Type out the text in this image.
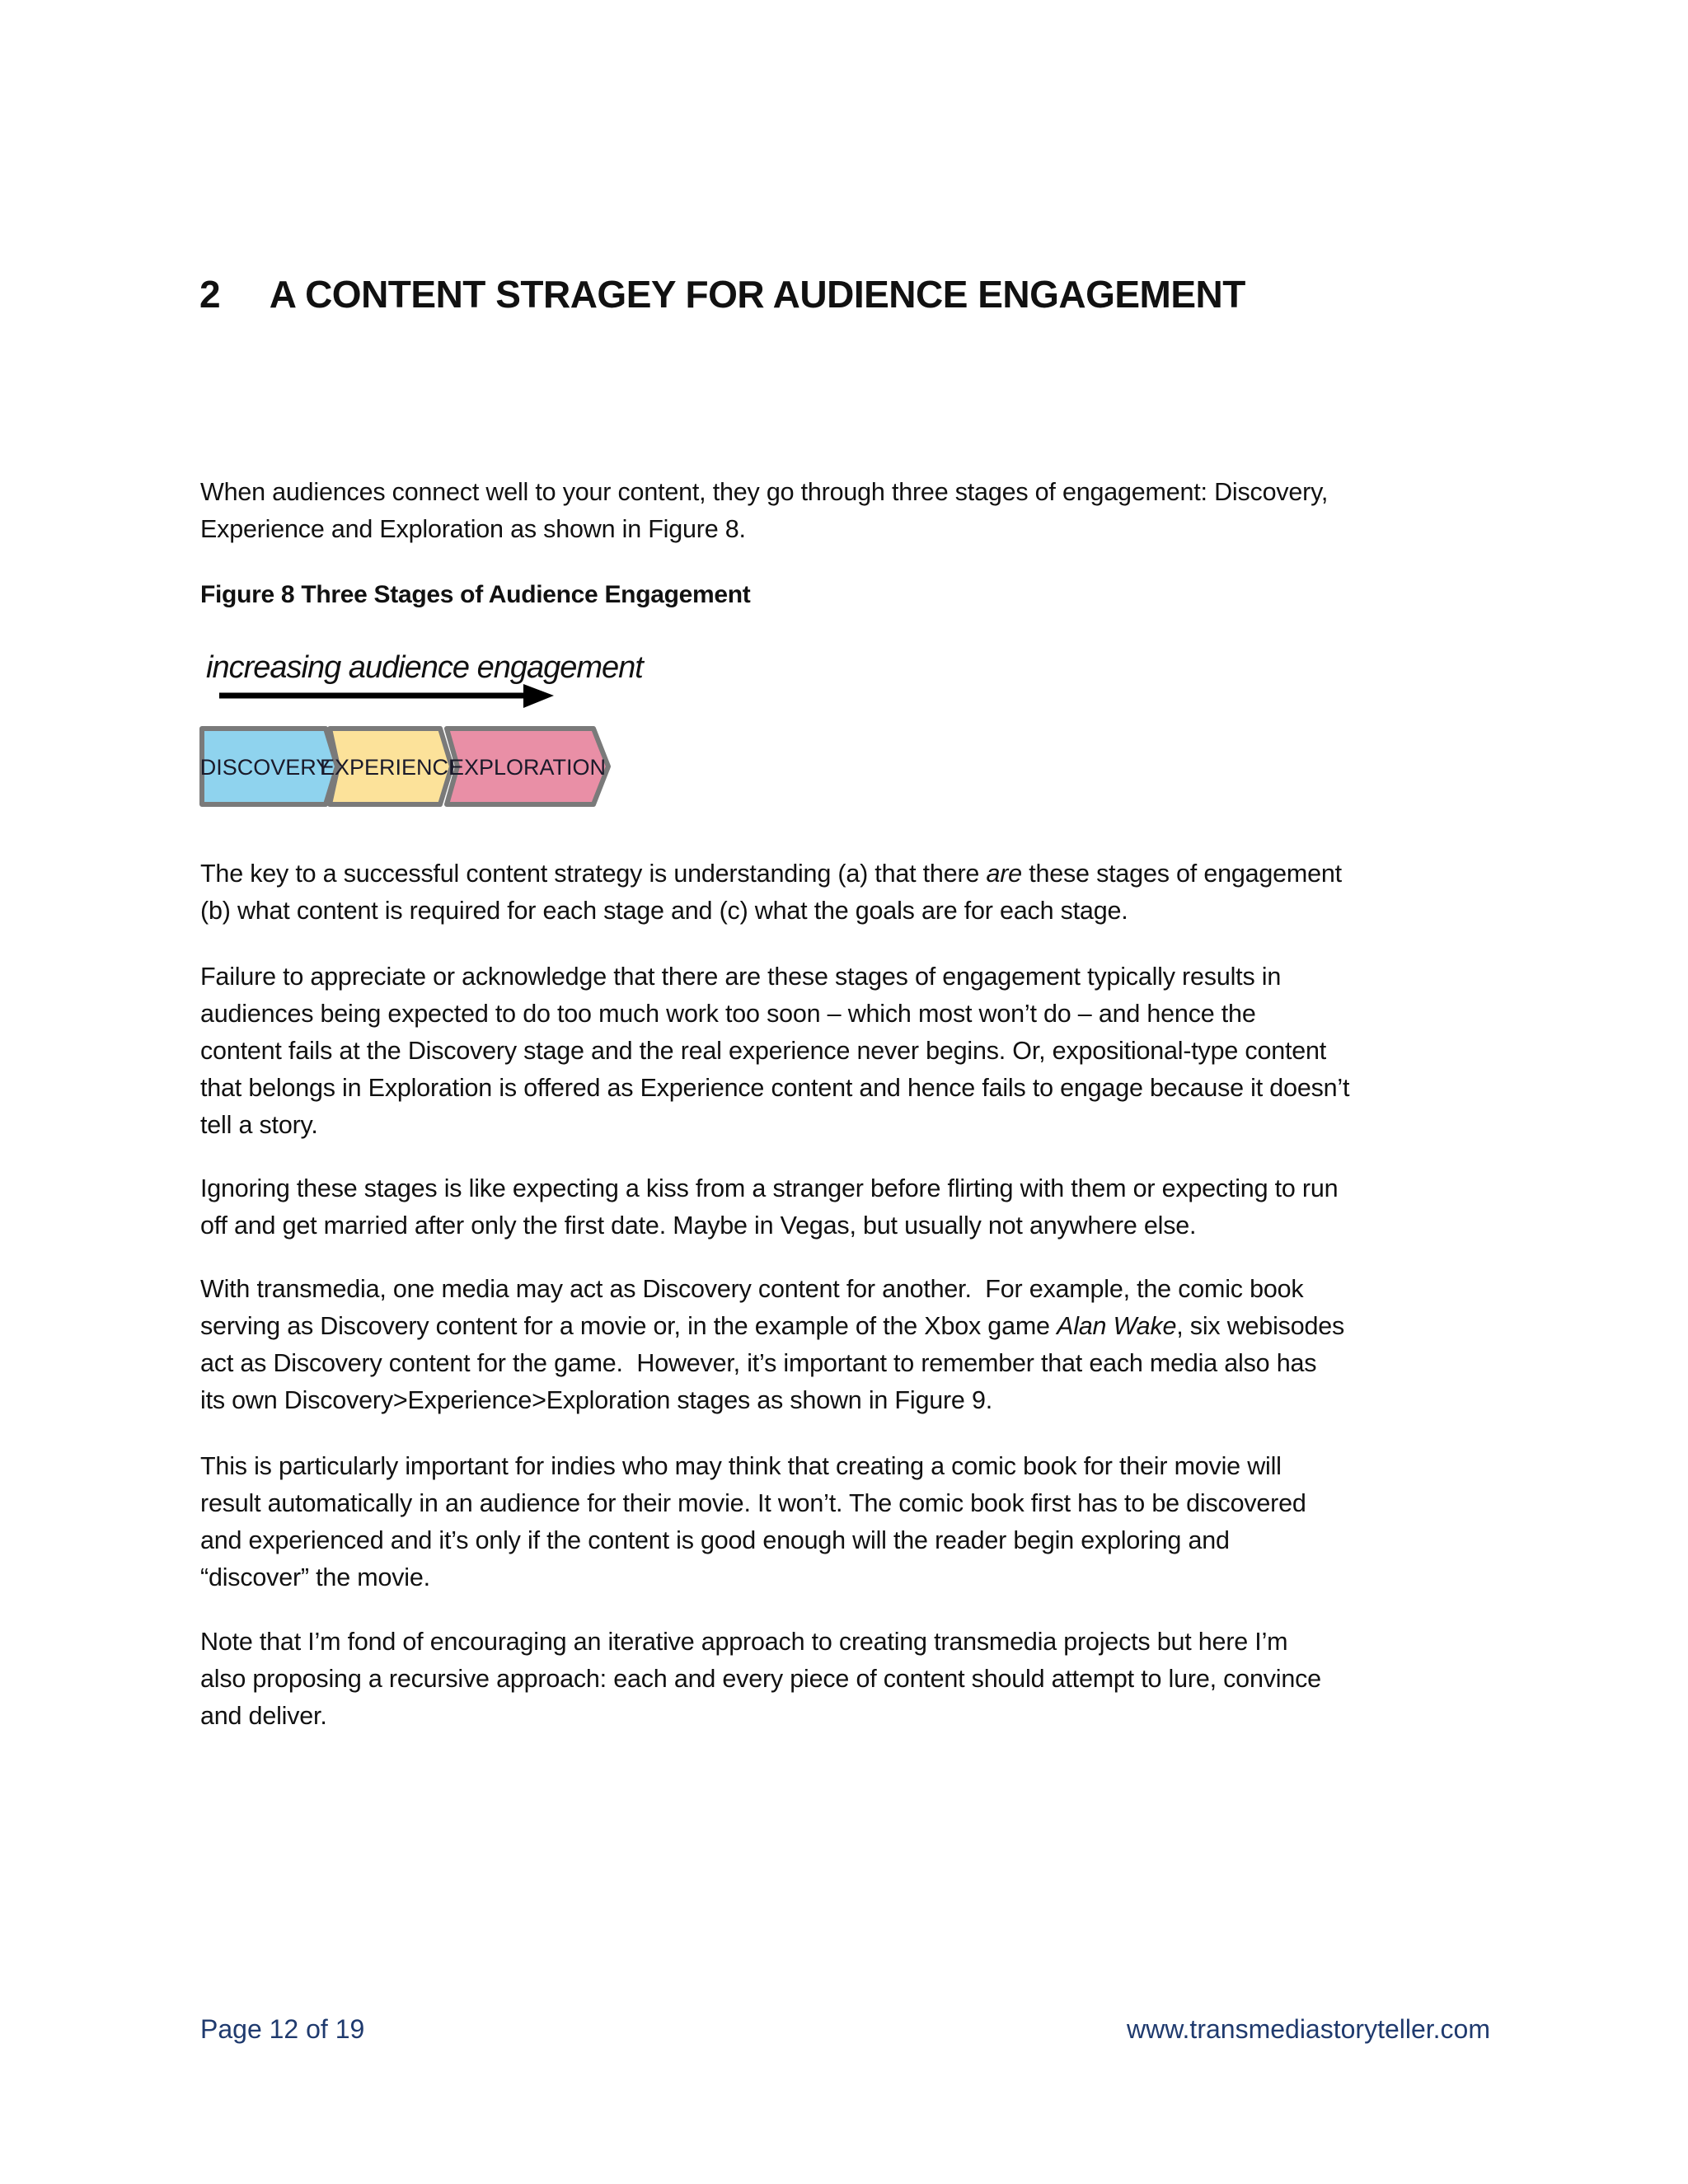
2 A CONTENT STRAGEY FOR AUDIENCE ENGAGEMENT
When audiences connect well to your content, they go through three stages of engagement: Discovery,
Experience and Exploration as shown in Figure 8.
Figure 8 Three Stages of Audience Engagement
increasing audience engagement
DISCOVERY
EXPERIENCE
EXPLORATION
The key to a successful content strategy is understanding (a) that there are these stages of engagement
(b) what content is required for each stage and (c) what the goals are for each stage.
Failure to appreciate or acknowledge that there are these stages of engagement typically results in
audiences being expected to do too much work too soon – which most won’t do – and hence the
content fails at the Discovery stage and the real experience never begins. Or, expositional-type content
that belongs in Exploration is offered as Experience content and hence fails to engage because it doesn’t
tell a story.
Ignoring these stages is like expecting a kiss from a stranger before flirting with them or expecting to run
off and get married after only the first date. Maybe in Vegas, but usually not anywhere else.
With transmedia, one media may act as Discovery content for another.  For example, the comic book
serving as Discovery content for a movie or, in the example of the Xbox game Alan Wake, six webisodes
act as Discovery content for the game.  However, it’s important to remember that each media also has
its own Discovery>Experience>Exploration stages as shown in Figure 9.
This is particularly important for indies who may think that creating a comic book for their movie will
result automatically in an audience for their movie. It won’t. The comic book first has to be discovered
and experienced and it’s only if the content is good enough will the reader begin exploring and
“discover” the movie.
Note that I’m fond of encouraging an iterative approach to creating transmedia projects but here I’m
also proposing a recursive approach: each and every piece of content should attempt to lure, convince
and deliver.
Page 12 of 19	www.transmediastoryteller.com
